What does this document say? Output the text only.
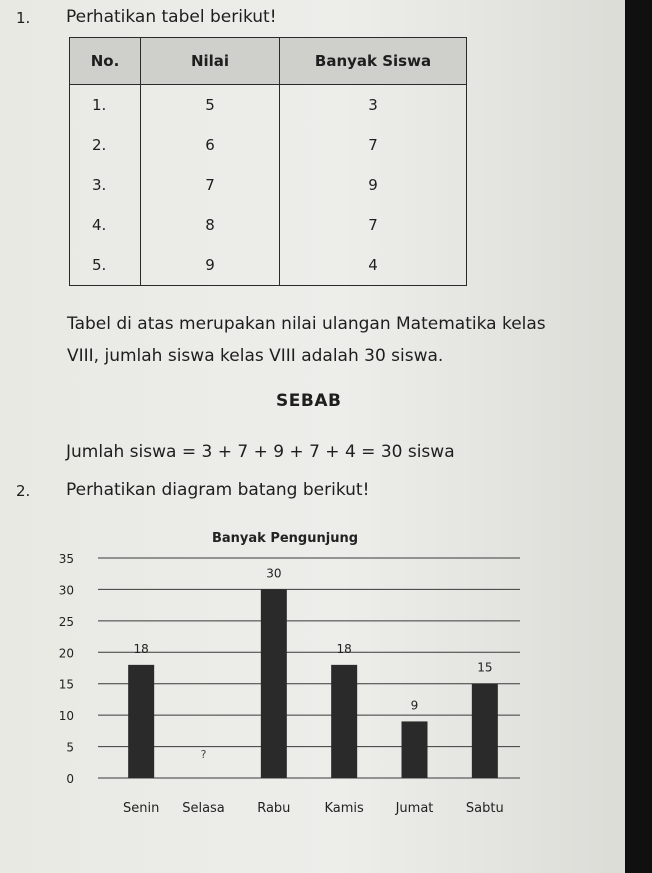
1. Perhatikan tabel berikut!
No.	Nilai	Banyak Siswa
1.	5	3
2.	6	7
3.	7	9
4.	8	7
5.	9	4
Tabel di atas merupakan nilai ulangan Matematika kelas
VIII, jumlah siswa kelas VIII adalah 30 siswa.
SEBAB
Jumlah siswa = 3 + 7 + 9 + 7 + 4 = 30 siswa
2. Perhatikan diagram batang berikut!
Banyak Pengunjung
0
5
10
15
20
25
30
35
18
?
30
18
9
15
Senin Selasa Rabu	Kamis Jumat	Sabtu
